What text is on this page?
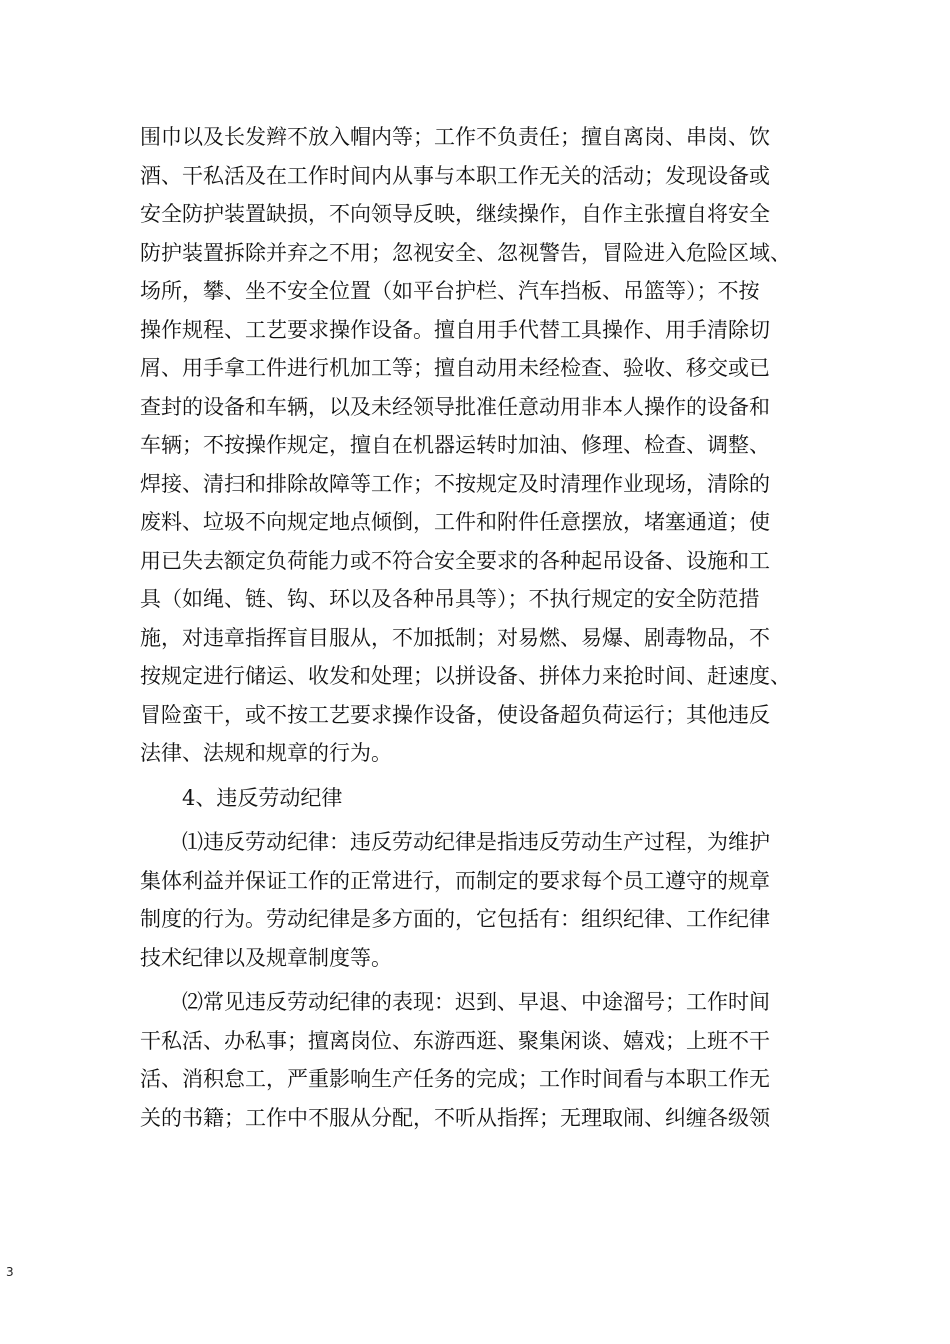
围巾以及长发辫不放入帽内等；工作不负责任；擅自离岗、串岗、饮
酒、干私活及在工作时间内从事与本职工作无关的活动；发现设备或
安全防护装置缺损，不向领导反映，继续操作，自作主张擅自将安全
防护装置拆除并弃之不用；忽视安全、忽视警告，冒险进入危险区域、
场所，攀、坐不安全位置（如平台护栏、汽车挡板、吊篮等）；不按
操作规程、工艺要求操作设备。擅自用手代替工具操作、用手清除切
屑、用手拿工件进行机加工等；擅自动用未经检查、验收、移交或已
查封的设备和车辆，以及未经领导批准任意动用非本人操作的设备和
车辆；不按操作规定，擅自在机器运转时加油、修理、检查、调整、
焊接、清扫和排除故障等工作；不按规定及时清理作业现场，清除的
废料、垃圾不向规定地点倾倒，工件和附件任意摆放，堵塞通道；使
用已失去额定负荷能力或不符合安全要求的各种起吊设备、设施和工
具（如绳、链、钩、环以及各种吊具等）；不执行规定的安全防范措
施，对违章指挥盲目服从，不加抵制；对易燃、易爆、剧毒物品，不
按规定进行储运、收发和处理；以拼设备、拼体力来抢时间、赶速度、
冒险蛮干，或不按工艺要求操作设备，使设备超负荷运行；其他违反
法律、法规和规章的行为。
4、违反劳动纪律
⑴违反劳动纪律：违反劳动纪律是指违反劳动生产过程，为维护
集体利益并保证工作的正常进行，而制定的要求每个员工遵守的规章
制度的行为。劳动纪律是多方面的，它包括有：组织纪律、工作纪律
技术纪律以及规章制度等。
⑵常见违反劳动纪律的表现：迟到、早退、中途溜号；工作时间
干私活、办私事；擅离岗位、东游西逛、聚集闲谈、嬉戏；上班不干
活、消积怠工，严重影响生产任务的完成；工作时间看与本职工作无
关的书籍；工作中不服从分配，不听从指挥；无理取闹、纠缠各级领
3
